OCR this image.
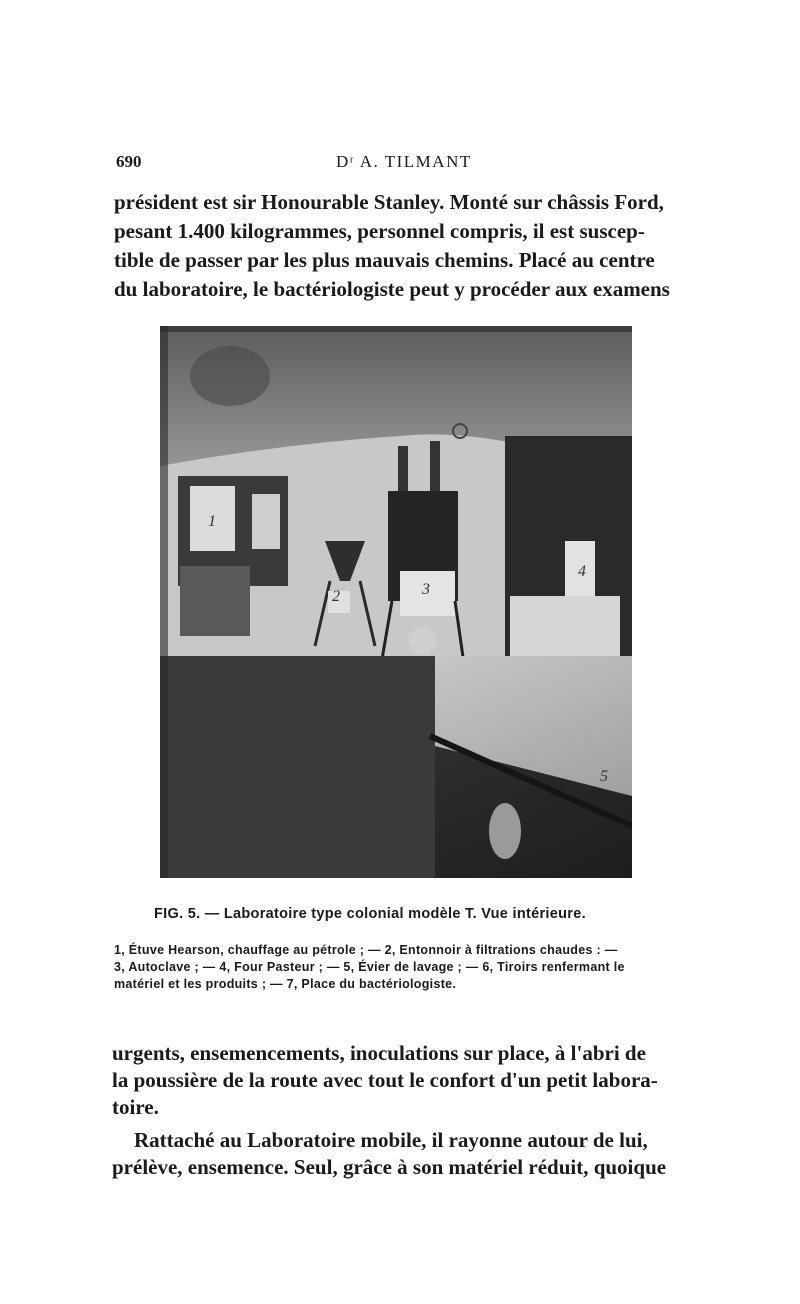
690	Dʳ A. TILMANT
président est sir Honourable Stanley. Monté sur châssis Ford,
pesant 1.400 kilogrammes, personnel compris, il est suscep-
tible de passer par les plus mauvais chemins. Placé au centre
du laboratoire, le bactériologiste peut y procéder aux examens
1
2	3
4
5
FIG. 5. — Laboratoire type colonial modèle T. Vue intérieure.
1, Étuve Hearson, chauffage au pétrole ; — 2, Entonnoir à filtrations chaudes : —
3, Autoclave ; — 4, Four Pasteur ; — 5, Évier de lavage ; — 6, Tiroirs renfermant le
matériel et les produits ; — 7, Place du bactériologiste.
urgents, ensemencements, inoculations sur place, à l'abri de
la poussière de la route avec tout le confort d'un petit labora-
toire.
Rattaché au Laboratoire mobile, il rayonne autour de lui,
prélève, ensemence. Seul, grâce à son matériel réduit, quoique
